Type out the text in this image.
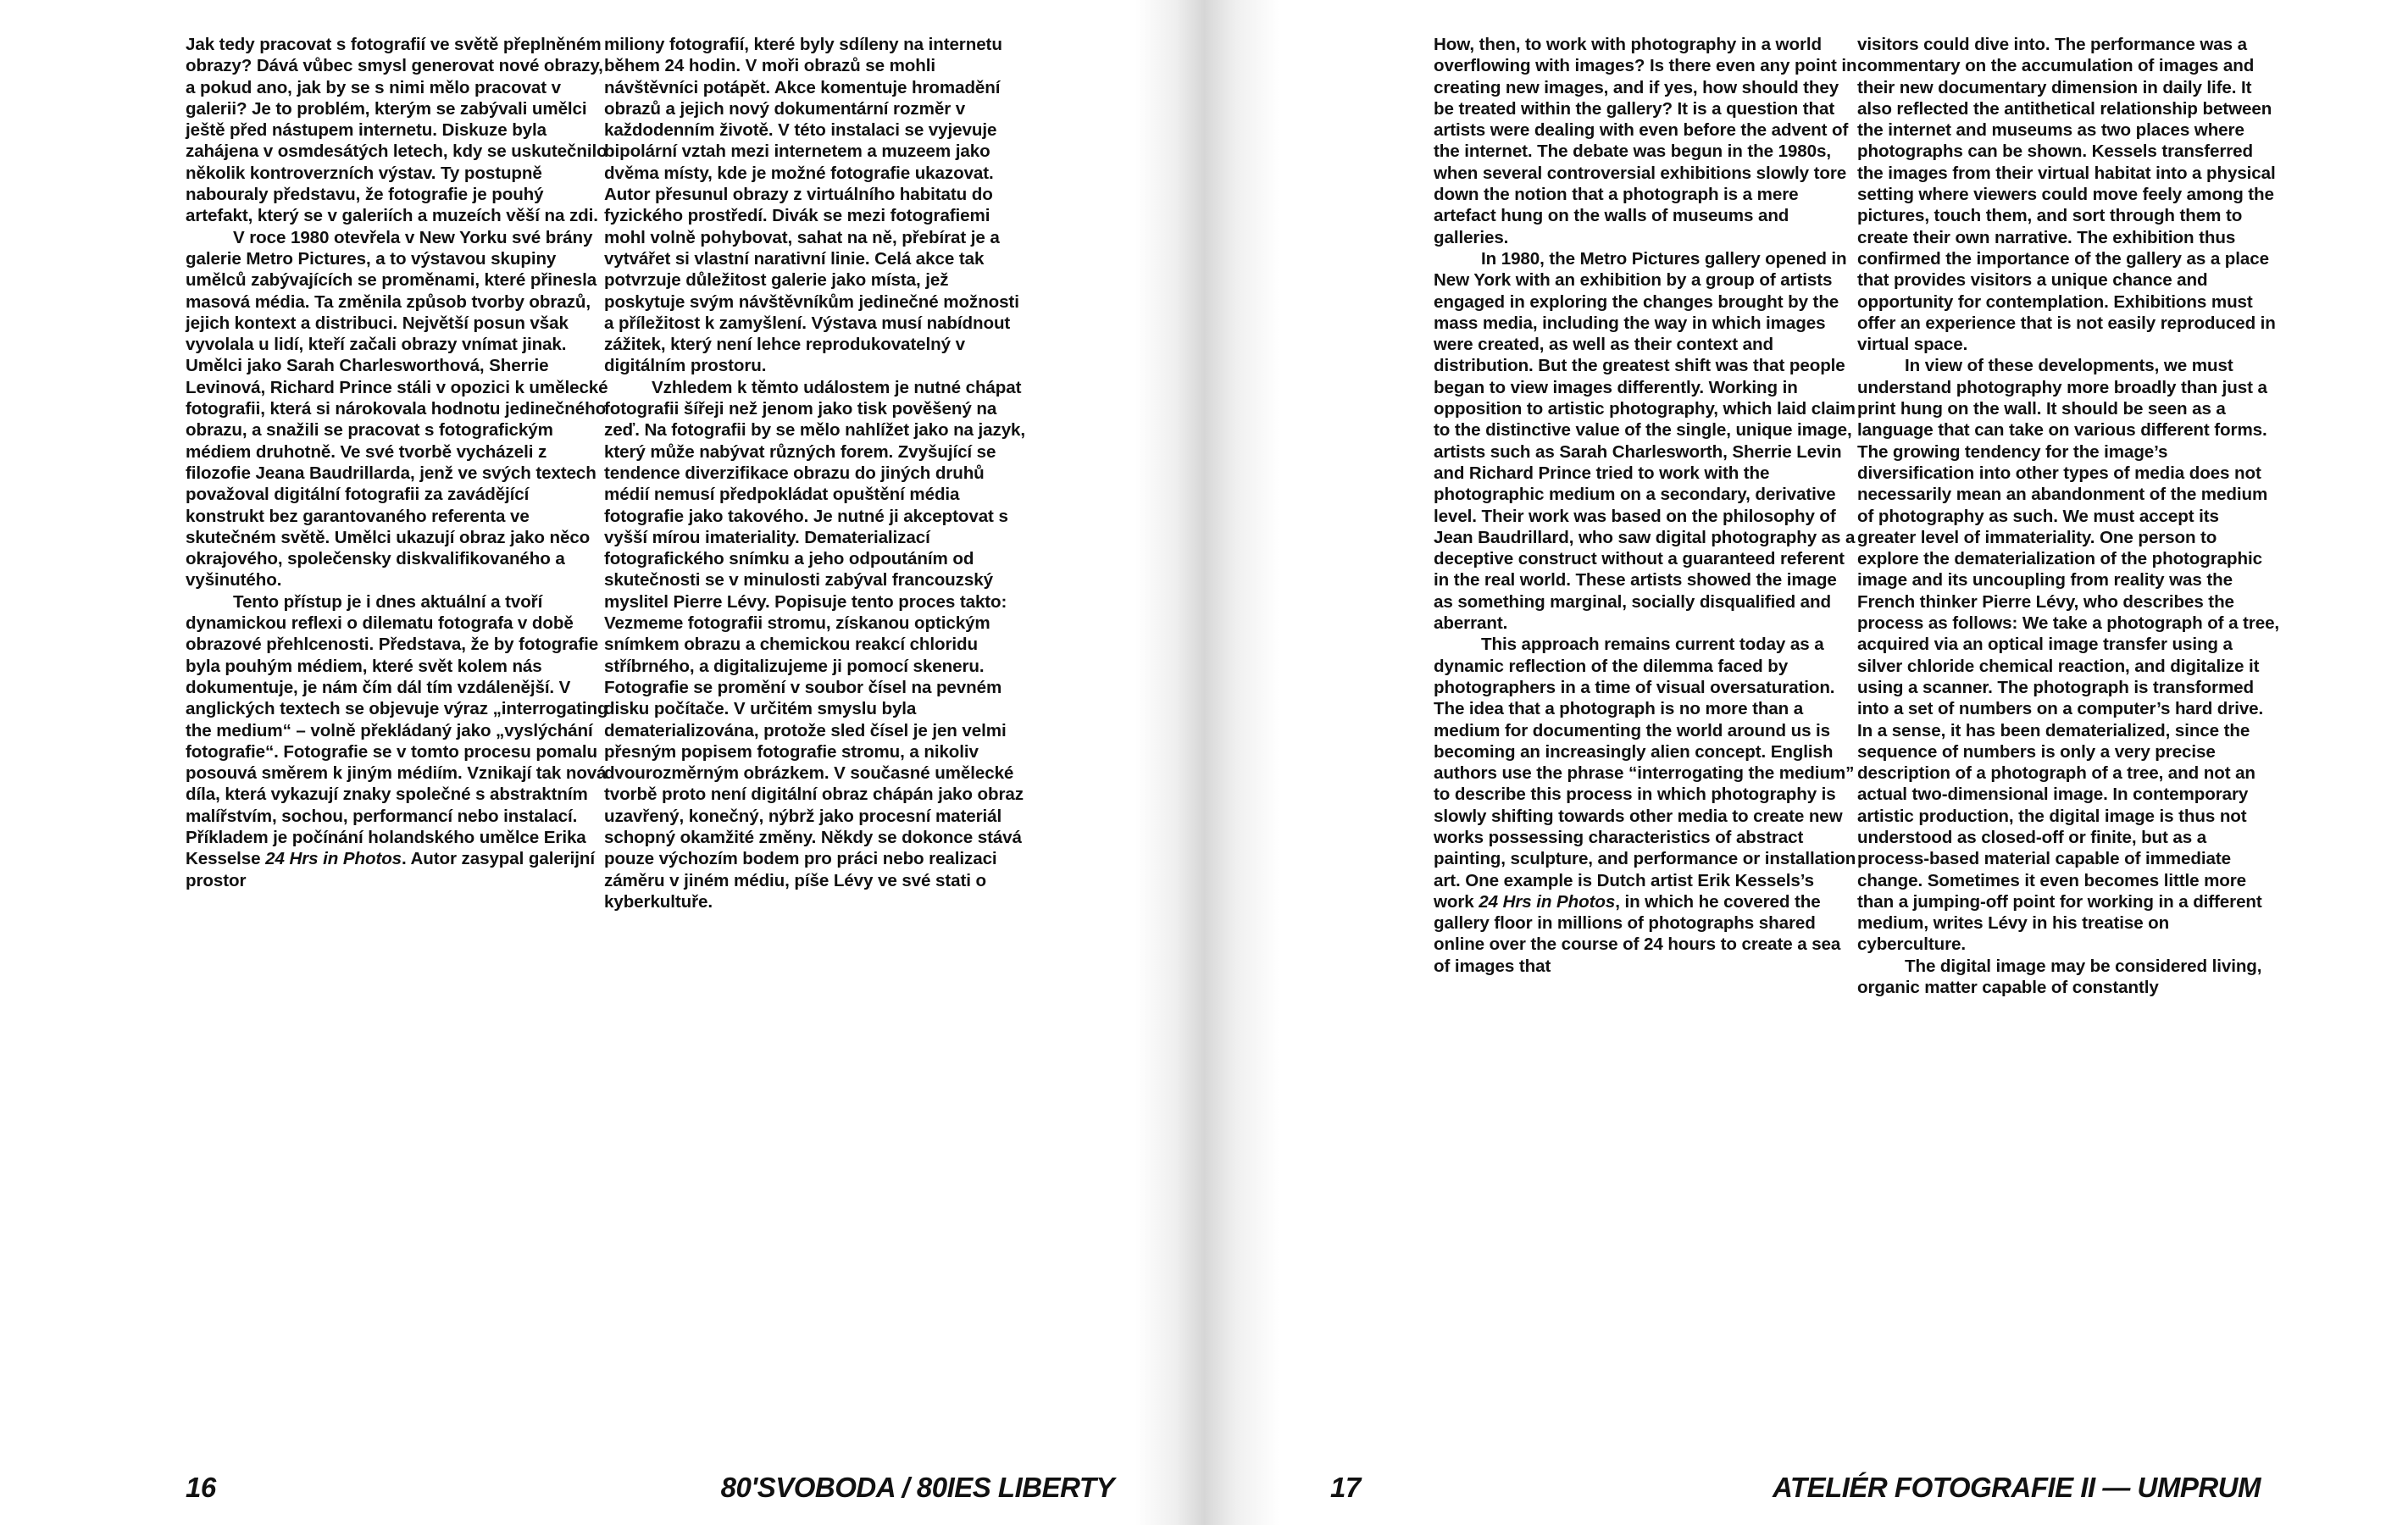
Jak tedy pracovat s fotografií ve světě přeplněném obrazy? Dává vůbec smysl generovat nové obrazy, a pokud ano, jak by se s nimi mělo pracovat v galerii? Je to problém, kterým se zabývali umělci ještě před nástupem internetu. Diskuze byla zahájena v osmdesátých letech, kdy se uskutečnilo několik kontroverzních výstav. Ty postupně nabouraly představu, že fotografie je pouhý artefakt, který se v galeriích a muzeích věší na zdi.

V roce 1980 otevřela v New Yorku své brány galerie Metro Pictures, a to výstavou skupiny umělců zabývajících se proměnami, které přinesla masová média. Ta změnila způsob tvorby obrazů, jejich kontext a distribuci. Největší posun však vyvolala u lidí, kteří začali obrazy vnímat jinak. Umělci jako Sarah Charlesworthová, Sherrie Levinová, Richard Prince stáli v opozici k umělecké fotografii, která si nárokovala hodnotu jedinečného obrazu, a snažili se pracovat s fotografickým médiem druhotně. Ve své tvorbě vycházeli z filozofie Jeana Baudrillarda, jenž ve svých textech považoval digitální fotografii za zavádějící konstrukt bez garantovaného referenta ve skutečném světě. Umělci ukazují obraz jako něco okrajového, společensky diskvalifikovaného a vyšinutého.

Tento přístup je i dnes aktuální a tvoří dynamickou reflexi o dilematu fotografa v době obrazové přehlcenosti. Představa, že by fotografie byla pouhým médiem, které svět kolem nás dokumentuje, je nám čím dál tím vzdálenější. V anglických textech se objevuje výraz „interrogating the medium“ – volně překládaný jako „vyslýchání fotografie“. Fotografie se v tomto procesu pomalu posouvá směrem k jiným médiím. Vznikají tak nová díla, která vykazují znaky společné s abstraktním malířstvím, sochou, performancí nebo instalací. Příkladem je počínání holandského umělce Erika Kesselse 24 Hrs in Photos. Autor zasypal galerijní prostor

miliony fotografií, které byly sdíleny na internetu během 24 hodin. V moři obrazů se mohli návštěvníci potápět. Akce komentuje hromadění obrazů a jejich nový dokumentární rozměr v každodenním životě. V této instalaci se vyjevuje bipolární vztah mezi internetem a muzeem jako dvěma místy, kde je možné fotografie ukazovat. Autor přesunul obrazy z virtuálního habitatu do fyzického prostředí. Divák se mezi fotografiemi mohl volně pohybovat, sahat na ně, přebírat je a vytvářet si vlastní narativní linie. Celá akce tak potvrzuje důležitost galerie jako místa, jež poskytuje svým návštěvníkům jedinečné možnosti a příležitost k zamyšlení. Výstava musí nabídnout zážitek, který není lehce reprodukovatelný v digitálním prostoru.

Vzhledem k těmto událostem je nutné chápat fotografii šířeji než jenom jako tisk pověšený na zeď. Na fotografii by se mělo nahlížet jako na jazyk, který může nabývat různých forem. Zvyšující se tendence diverzifikace obrazu do jiných druhů médií nemusí předpokládat opuštění média fotografie jako takového. Je nutné ji akceptovat s vyšší mírou imateriality. Dematerializací fotografického snímku a jeho odpoutáním od skutečnosti se v minulosti zabýval francouzský myslitel Pierre Lévy. Popisuje tento proces takto: Vezmeme fotografii stromu, získanou optickým snímkem obrazu a chemickou reakcí chloridu stříbrného, a digitalizujeme ji pomocí skeneru. Fotografie se promění v soubor čísel na pevném disku počítače. V určitém smyslu byla dematerializována, protože sled čísel je jen velmi přesným popisem fotografie stromu, a nikoliv dvourozměrným obrázkem. V současné umělecké tvorbě proto není digitální obraz chápán jako obraz uzavřený, konečný, nýbrž jako procesní materiál schopný okamžité změny. Někdy se dokonce stává pouze výchozím bodem pro práci nebo realizaci záměru v jiném médiu, píše Lévy ve své stati o kyberkultuře.

16	80'SVOBODA / 80IES LIBERTY

How, then, to work with photography in a world overflowing with images? Is there even any point in creating new images, and if yes, how should they be treated within the gallery? It is a question that artists were dealing with even before the advent of the internet. The debate was begun in the 1980s, when several controversial exhibitions slowly tore down the notion that a photograph is a mere artefact hung on the walls of museums and galleries.

In 1980, the Metro Pictures gallery opened in New York with an exhibition by a group of artists engaged in exploring the changes brought by the mass media, including the way in which images were created, as well as their context and distribution. But the greatest shift was that people began to view images differently. Working in opposition to artistic photography, which laid claim to the distinctive value of the single, unique image, artists such as Sarah Charlesworth, Sherrie Levin and Richard Prince tried to work with the photographic medium on a secondary, derivative level. Their work was based on the philosophy of Jean Baudrillard, who saw digital photography as a deceptive construct without a guaranteed referent in the real world. These artists showed the image as something marginal, socially disqualified and aberrant.

This approach remains current today as a dynamic reflection of the dilemma faced by photographers in a time of visual oversaturation. The idea that a photograph is no more than a medium for documenting the world around us is becoming an increasingly alien concept. English authors use the phrase “interrogating the medium” to describe this process in which photography is slowly shifting towards other media to create new works possessing characteristics of abstract painting, sculpture, and performance or installation art. One example is Dutch artist Erik Kessels’s work 24 Hrs in Photos, in which he covered the gallery floor in millions of photographs shared online over the course of 24 hours to create a sea of images that

visitors could dive into. The performance was a commentary on the accumulation of images and their new documentary dimension in daily life. It also reflected the antithetical relationship between the internet and museums as two places where photographs can be shown. Kessels transferred the images from their virtual habitat into a physical setting where viewers could move feely among the pictures, touch them, and sort through them to create their own narrative. The exhibition thus confirmed the importance of the gallery as a place that provides visitors a unique chance and opportunity for contemplation. Exhibitions must offer an experience that is not easily reproduced in virtual space.

In view of these developments, we must understand photography more broadly than just a print hung on the wall. It should be seen as a language that can take on various different forms. The growing tendency for the image’s diversification into other types of media does not necessarily mean an abandonment of the medium of photography as such. We must accept its greater level of immateriality. One person to explore the dematerialization of the photographic image and its uncoupling from reality was the French thinker Pierre Lévy, who describes the process as follows: We take a photograph of a tree, acquired via an optical image transfer using a silver chloride chemical reaction, and digitalize it using a scanner. The photograph is transformed into a set of numbers on a computer’s hard drive. In a sense, it has been dematerialized, since the sequence of numbers is only a very precise description of a photograph of a tree, and not an actual two-dimensional image. In contemporary artistic production, the digital image is thus not understood as closed-off or finite, but as a process-based material capable of immediate change. Sometimes it even becomes little more than a jumping-off point for working in a different medium, writes Lévy in his treatise on cyberculture.

The digital image may be considered living, organic matter capable of constantly

17	ATELIÉR FOTOGRAFIE II — UMPRUM
